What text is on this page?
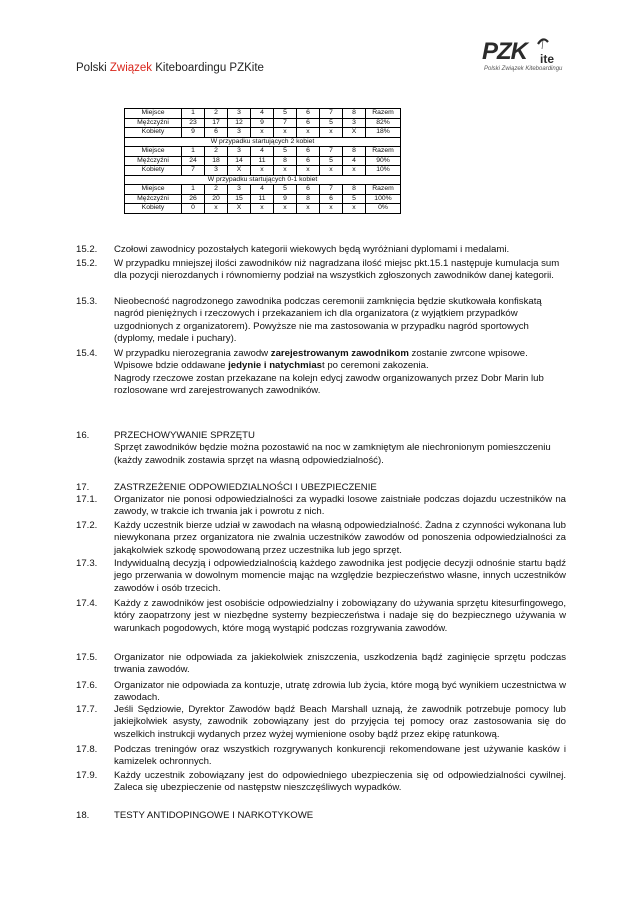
Polski Związek Kiteboardingu PZKite
PZK ite
Polski Związek Kiteboardingu
Miejsce	1	2	3	4	5	6	7	8	Razem
Mężczyźni	23	17	12	9	7	6	5	3	82%
Kobiety	9	6	3	x	x	x	x	X	18%
W przypadku startujących 2 kobiet									
Miejsce	1	2	3	4	5	6	7	8	Razem
Mężczyźni	24	18	14	11	8	6	5	4	90%
Kobiety	7	3	X	x	x	x	x	x	10%
W przypadku startujących 0-1 kobiet									
Miejsce	1	2	3	4	5	6	7	8	Razem
Mężczyźni	26	20	15	11	9	8	6	5	100%
Kobiety	0	x	X	x	x	x	x	x	0%
15.2.	Czołowi zawodnicy pozostałych kategorii wiekowych będą wyróżniani dyplomami i medalami.
15.2.	W przypadku mniejszej ilości zawodników niż nagradzana ilość miejsc pkt.15.1 następuje kumulacja sum dla pozycji nierozdanych i równomierny podział na wszystkich zgłoszonych zawodników danej kategorii.
15.3.	Nieobecność nagrodzonego zawodnika podczas ceremonii zamknięcia będzie skutkowała konfiskatą nagród pieniężnych i rzeczowych i przekazaniem ich dla organizatora (z wyjątkiem przypadków uzgodnionych z organizatorem). Powyższe nie ma zastosowania w przypadku nagród sportowych (dyplomy, medale i puchary).
15.4.	W przypadku nierozegrania zawodw zarejestrowanym zawodnikom zostanie zwrcone wpisowe.
Wpisowe bdzie oddawane jedynie i natychmiast po ceremoni zakozenia.
Nagrody rzeczowe zostan przekazane na kolejn edycj zawodw organizowanych przez Dobr Marin lub rozlosowane wrd zarejestrowanych zawodników.
16.	PRZECHOWYWANIE SPRZĘTU
Sprzęt zawodników będzie można pozostawić na noc w zamkniętym ale niechronionym pomieszczeniu (każdy zawodnik zostawia sprzęt na własną odpowiedzialność).
17.	ZASTRZEŻENIE ODPOWIEDZIALNOŚCI I UBEZPIECZENIE
17.1.	Organizator nie ponosi odpowiedzialności za wypadki losowe zaistniałe podczas dojazdu uczestników na zawody, w trakcie ich trwania jak i powrotu z nich.
17.2.	Każdy uczestnik bierze udział w zawodach na własną odpowiedzialność. Żadna z czynności wykonana lub niewykonana przez organizatora nie zwalnia uczestników zawodów od ponoszenia odpowiedzialności za jakąkolwiek szkodę spowodowaną przez uczestnika lub jego sprzęt.
17.3.	Indywidualną decyzją i odpowiedzialnością każdego zawodnika jest podjęcie decyzji odnośnie startu bądź jego przerwania w dowolnym momencie mając na względzie bezpieczeństwo własne, innych uczestników zawodów i osób trzecich.
17.4.	Każdy z zawodników jest osobiście odpowiedzialny i zobowiązany do używania sprzętu kitesurfingowego, który zaopatrzony jest w niezbędne systemy bezpieczeństwa i nadaje się do bezpiecznego używania w warunkach pogodowych, które mogą wystąpić podczas rozgrywania zawodów.
17.5.	Organizator nie odpowiada za jakiekolwiek zniszczenia, uszkodzenia bądź zaginięcie sprzętu podczas trwania zawodów.
17.6.	Organizator nie odpowiada za kontuzje, utratę zdrowia lub życia, które mogą być wynikiem uczestnictwa w zawodach.
17.7.	Jeśli Sędziowie, Dyrektor Zawodów bądź Beach Marshall uznają, że zawodnik potrzebuje pomocy lub jakiejkolwiek asysty, zawodnik zobowiązany jest do przyjęcia tej pomocy oraz zastosowania się do wszelkich instrukcji wydanych przez wyżej wymienione osoby bądź przez ekipę ratunkową.
17.8.	Podczas treningów oraz wszystkich rozgrywanych konkurencji rekomendowane jest używanie kasków i kamizelek ochronnych.
17.9.	Każdy uczestnik zobowiązany jest do odpowiedniego ubezpieczenia się od odpowiedzialności cywilnej. Zaleca się ubezpieczenie od następstw nieszczęśliwych wypadków.
18.	TESTY ANTIDOPINGOWE I NARKOTYKOWE
